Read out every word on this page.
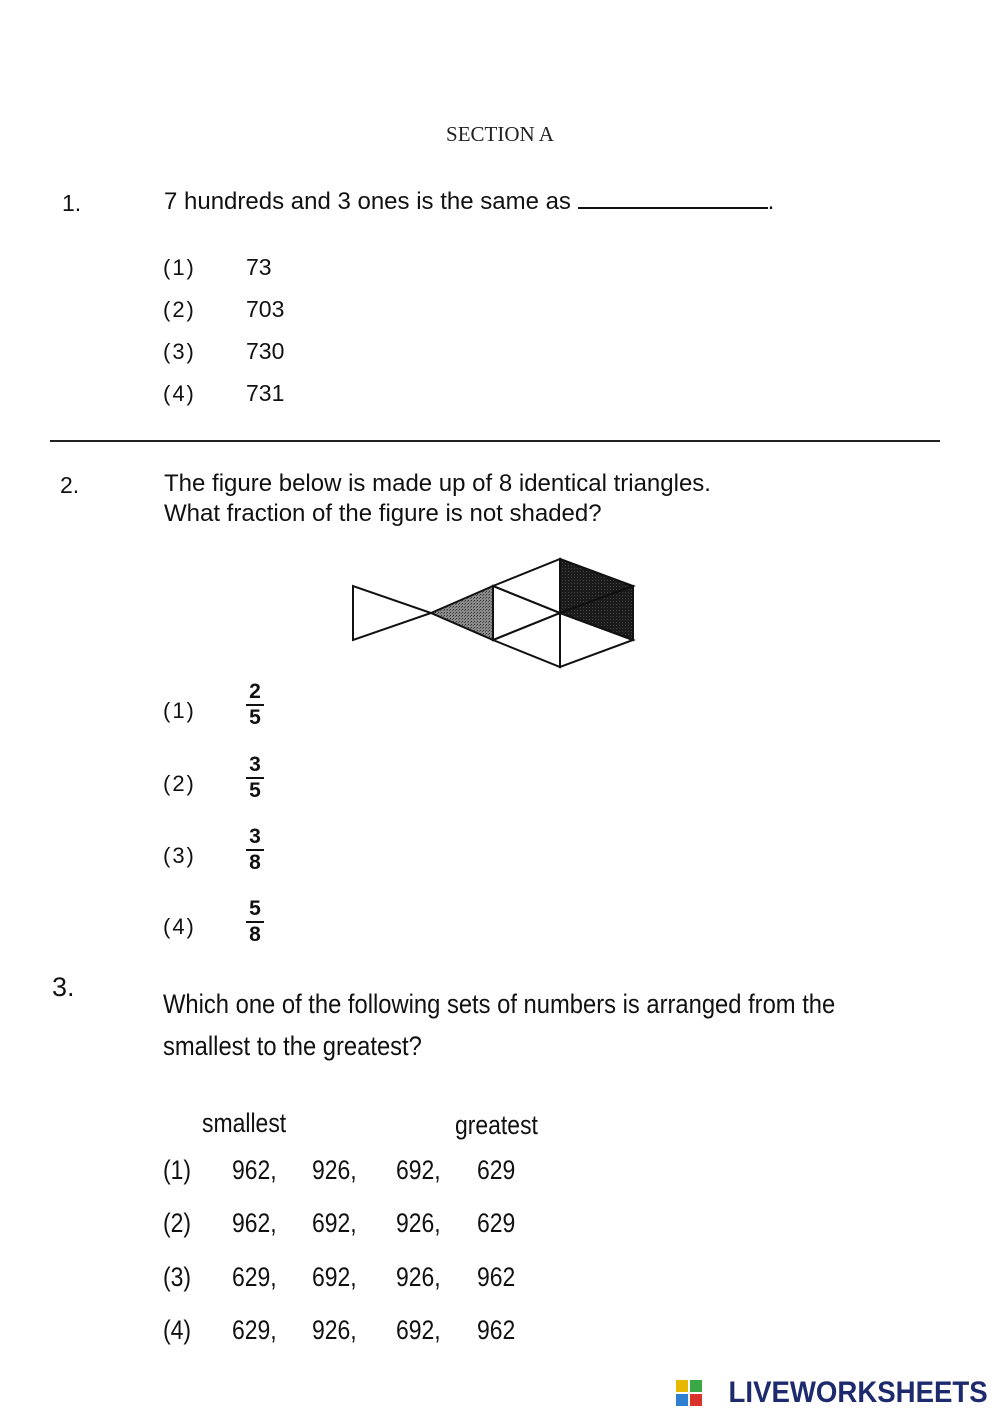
SECTION A
1.	7 hundreds and 3 ones is the same as	.
(1) 73
(2) 703
(3) 730
(4) 731
2.	The figure below is made up of 8 identical triangles.
What fraction of the figure is not shaded?
(1)
2
5
(2)
3
5
(3)
3
8
(4)
5
8
3.
Which one of the following sets of numbers is arranged from the
smallest to the greatest?
smallest	greatest
(1) 962, 926, 692, 629
(2) 962, 692, 926, 629
(3) 629, 692, 926, 962
(4) 629, 926, 692, 962
LIVEWORKSHEETS
